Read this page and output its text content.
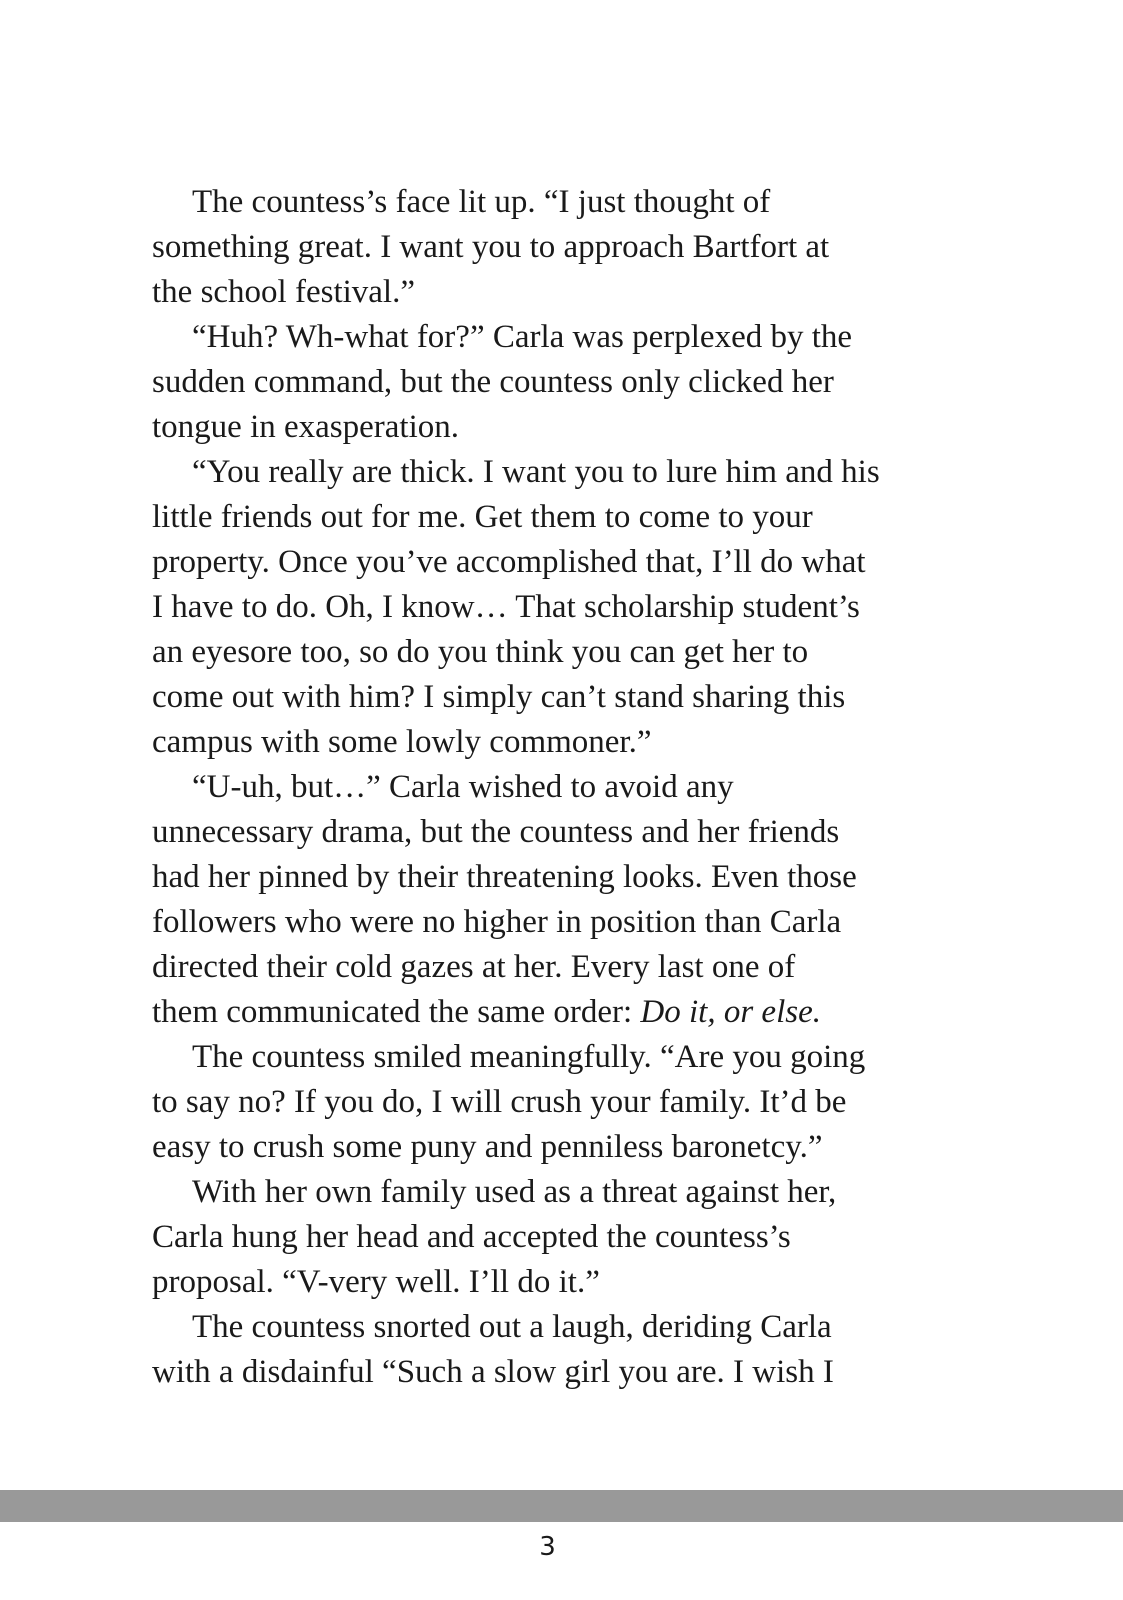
The countess’s face lit up. “I just thought of
something great. I want you to approach Bartfort at
the school festival.”
“Huh? Wh-what for?” Carla was perplexed by the
sudden command, but the countess only clicked her
tongue in exasperation.
“You really are thick. I want you to lure him and his
little friends out for me. Get them to come to your
property. Once you’ve accomplished that, I’ll do what
I have to do. Oh, I know… That scholarship student’s
an eyesore too, so do you think you can get her to
come out with him? I simply can’t stand sharing this
campus with some lowly commoner.”
“U-uh, but…” Carla wished to avoid any
unnecessary drama, but the countess and her friends
had her pinned by their threatening looks. Even those
followers who were no higher in position than Carla
directed their cold gazes at her. Every last one of
them communicated the same order: Do it, or else.
The countess smiled meaningfully. “Are you going
to say no? If you do, I will crush your family. It’d be
easy to crush some puny and penniless baronetcy.”
With her own family used as a threat against her,
Carla hung her head and accepted the countess’s
proposal. “V-very well. I’ll do it.”
The countess snorted out a laugh, deriding Carla
with a disdainful “Such a slow girl you are. I wish I
3
